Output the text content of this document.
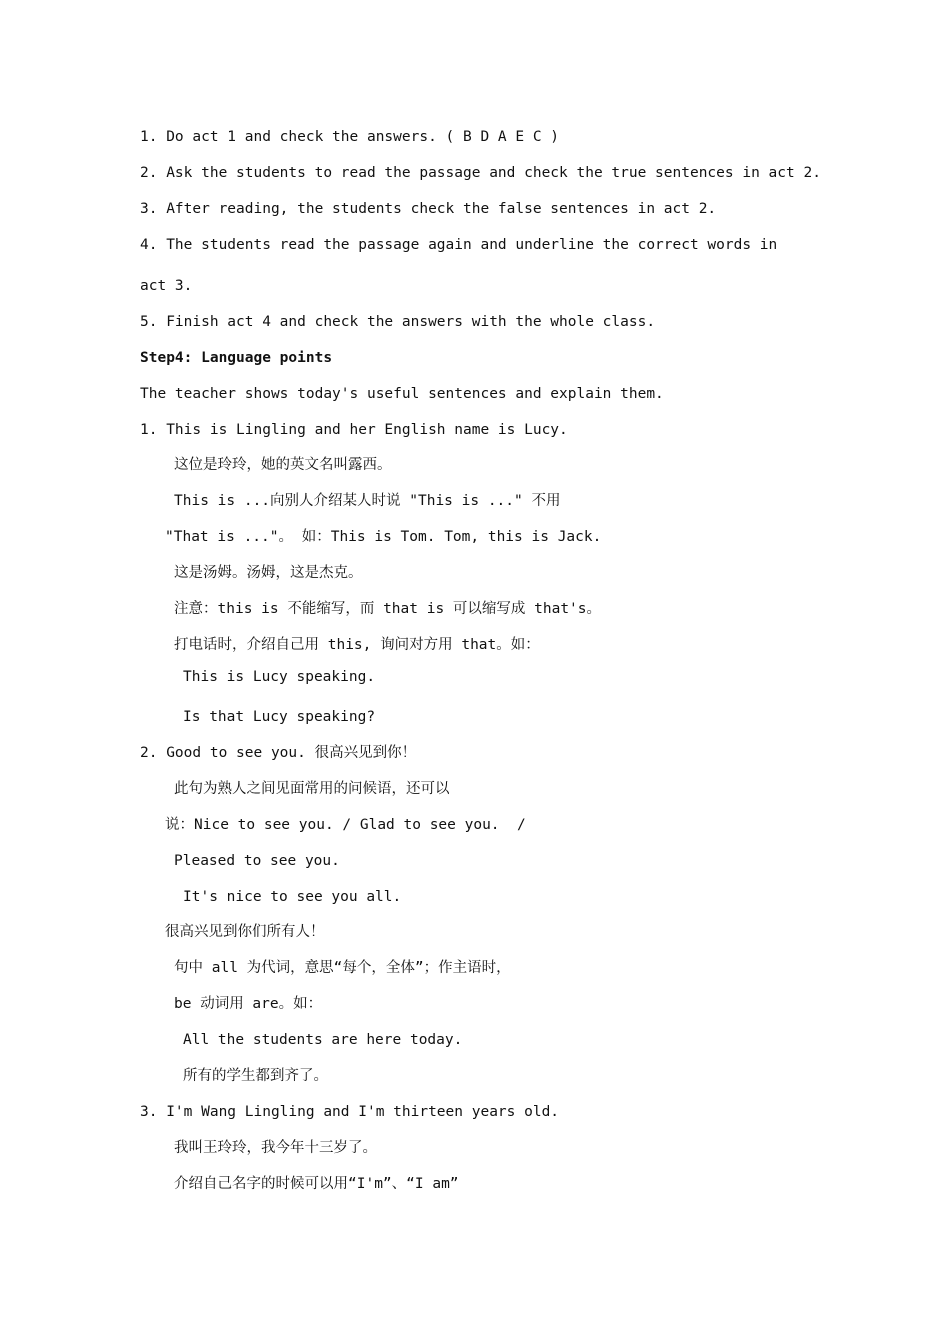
1. Do act 1 and check the answers. ( B D A E C )
2. Ask the students to read the passage and check the true sentences in act 2.
3. After reading, the students check the false sentences in act 2.
4. The students read the passage again and underline the correct words in
act 3.
5. Finish act 4 and check the answers with the whole class.
Step4: Language points
The teacher shows today's useful sentences and explain them.
1. This is Lingling and her English name is Lucy.
这位是玲玲，她的英文名叫露西。
This is ...向别人介绍某人时说 "This is ..." 不用
"That is ..."。 如：This is Tom. Tom, this is Jack.
这是汤姆。汤姆，这是杰克。
注意：this is 不能缩写，而 that is 可以缩写成 that's。
打电话时，介绍自己用 this, 询问对方用 that。如：
This is Lucy speaking.
Is that Lucy speaking?
2. Good to see you. 很高兴见到你！
此句为熟人之间见面常用的问候语，还可以
说：Nice to see you. / Glad to see you.  /
Pleased to see you.
It's nice to see you all.
很高兴见到你们所有人！
句中 all 为代词，意思“每个，全体”；作主语时，
be 动词用 are。如：
All the students are here today.
所有的学生都到齐了。
3. I'm Wang Lingling and I'm thirteen years old.
我叫王玲玲，我今年十三岁了。
介绍自己名字的时候可以用“I'm”、“I am”
